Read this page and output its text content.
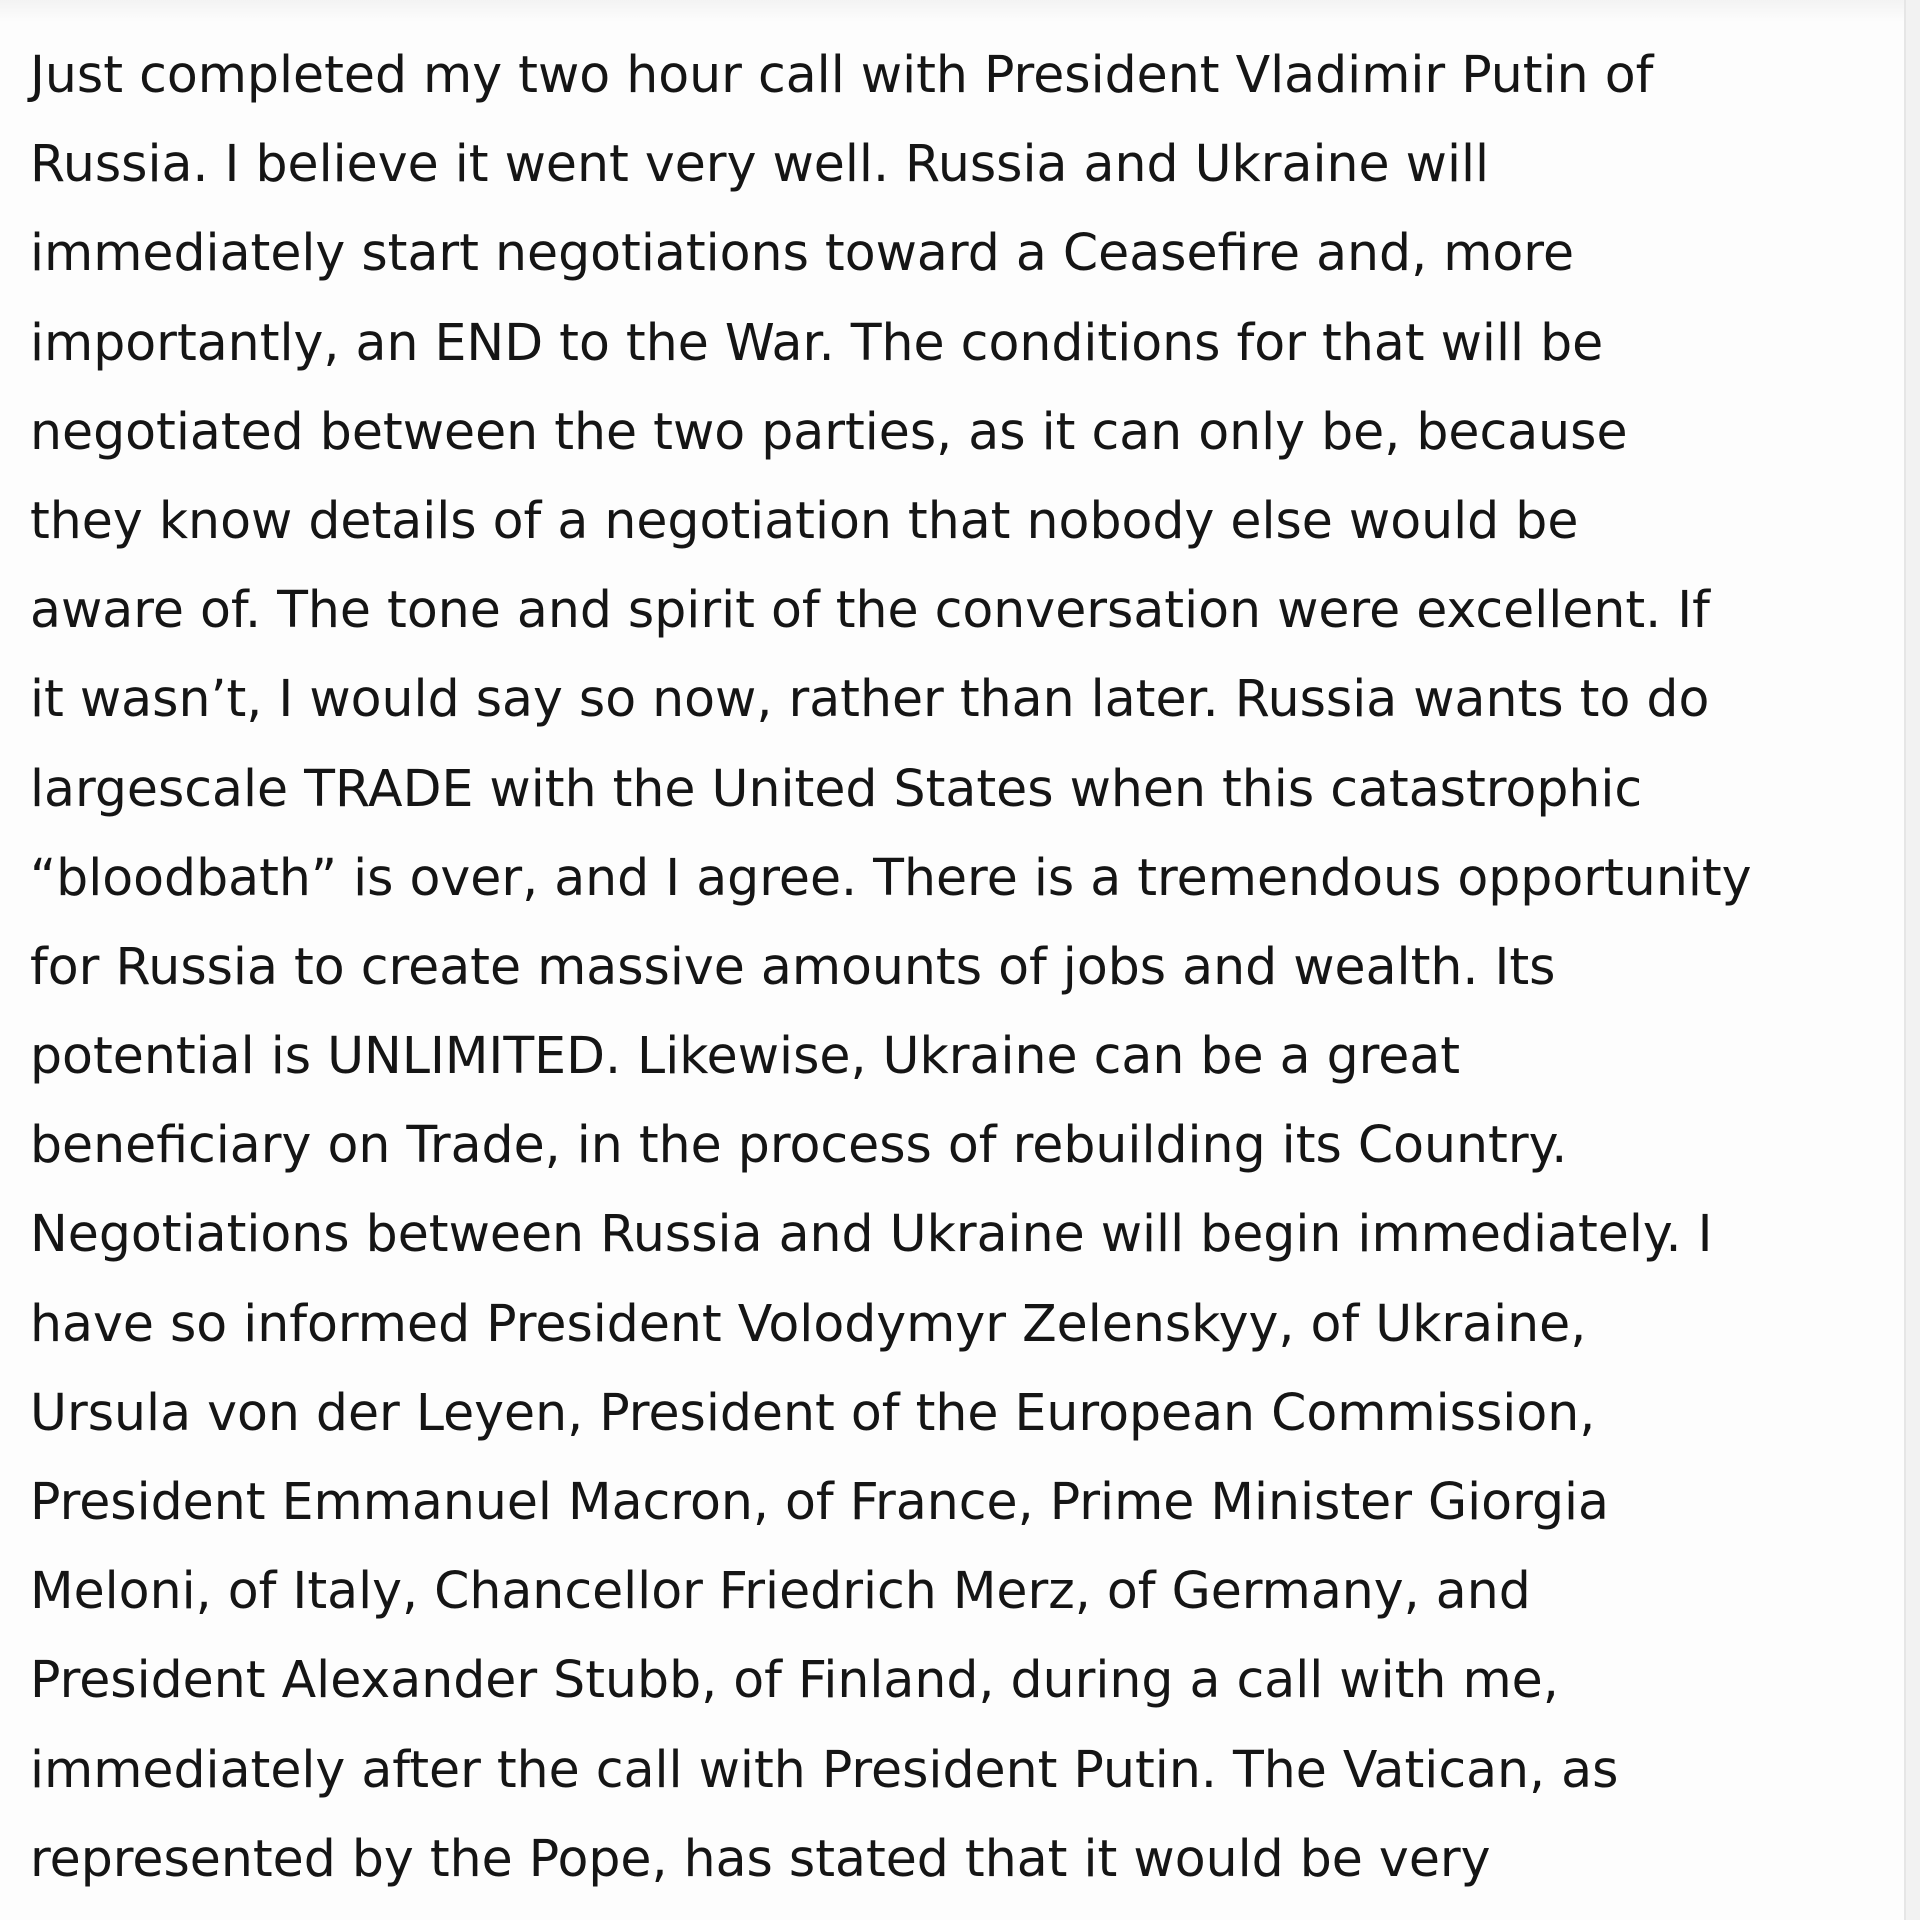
Just completed my two hour call with President Vladimir Putin of
Russia. I believe it went very well. Russia and Ukraine will
immediately start negotiations toward a Ceasefire and, more
importantly, an END to the War. The conditions for that will be
negotiated between the two parties, as it can only be, because
they know details of a negotiation that nobody else would be
aware of. The tone and spirit of the conversation were excellent. If
it wasn’t, I would say so now, rather than later. Russia wants to do
largescale TRADE with the United States when this catastrophic
“bloodbath” is over, and I agree. There is a tremendous opportunity
for Russia to create massive amounts of jobs and wealth. Its
potential is UNLIMITED. Likewise, Ukraine can be a great
beneficiary on Trade, in the process of rebuilding its Country.
Negotiations between Russia and Ukraine will begin immediately. I
have so informed President Volodymyr Zelenskyy, of Ukraine,
Ursula von der Leyen, President of the European Commission,
President Emmanuel Macron, of France, Prime Minister Giorgia
Meloni, of Italy, Chancellor Friedrich Merz, of Germany, and
President Alexander Stubb, of Finland, during a call with me,
immediately after the call with President Putin. The Vatican, as
represented by the Pope, has stated that it would be very
